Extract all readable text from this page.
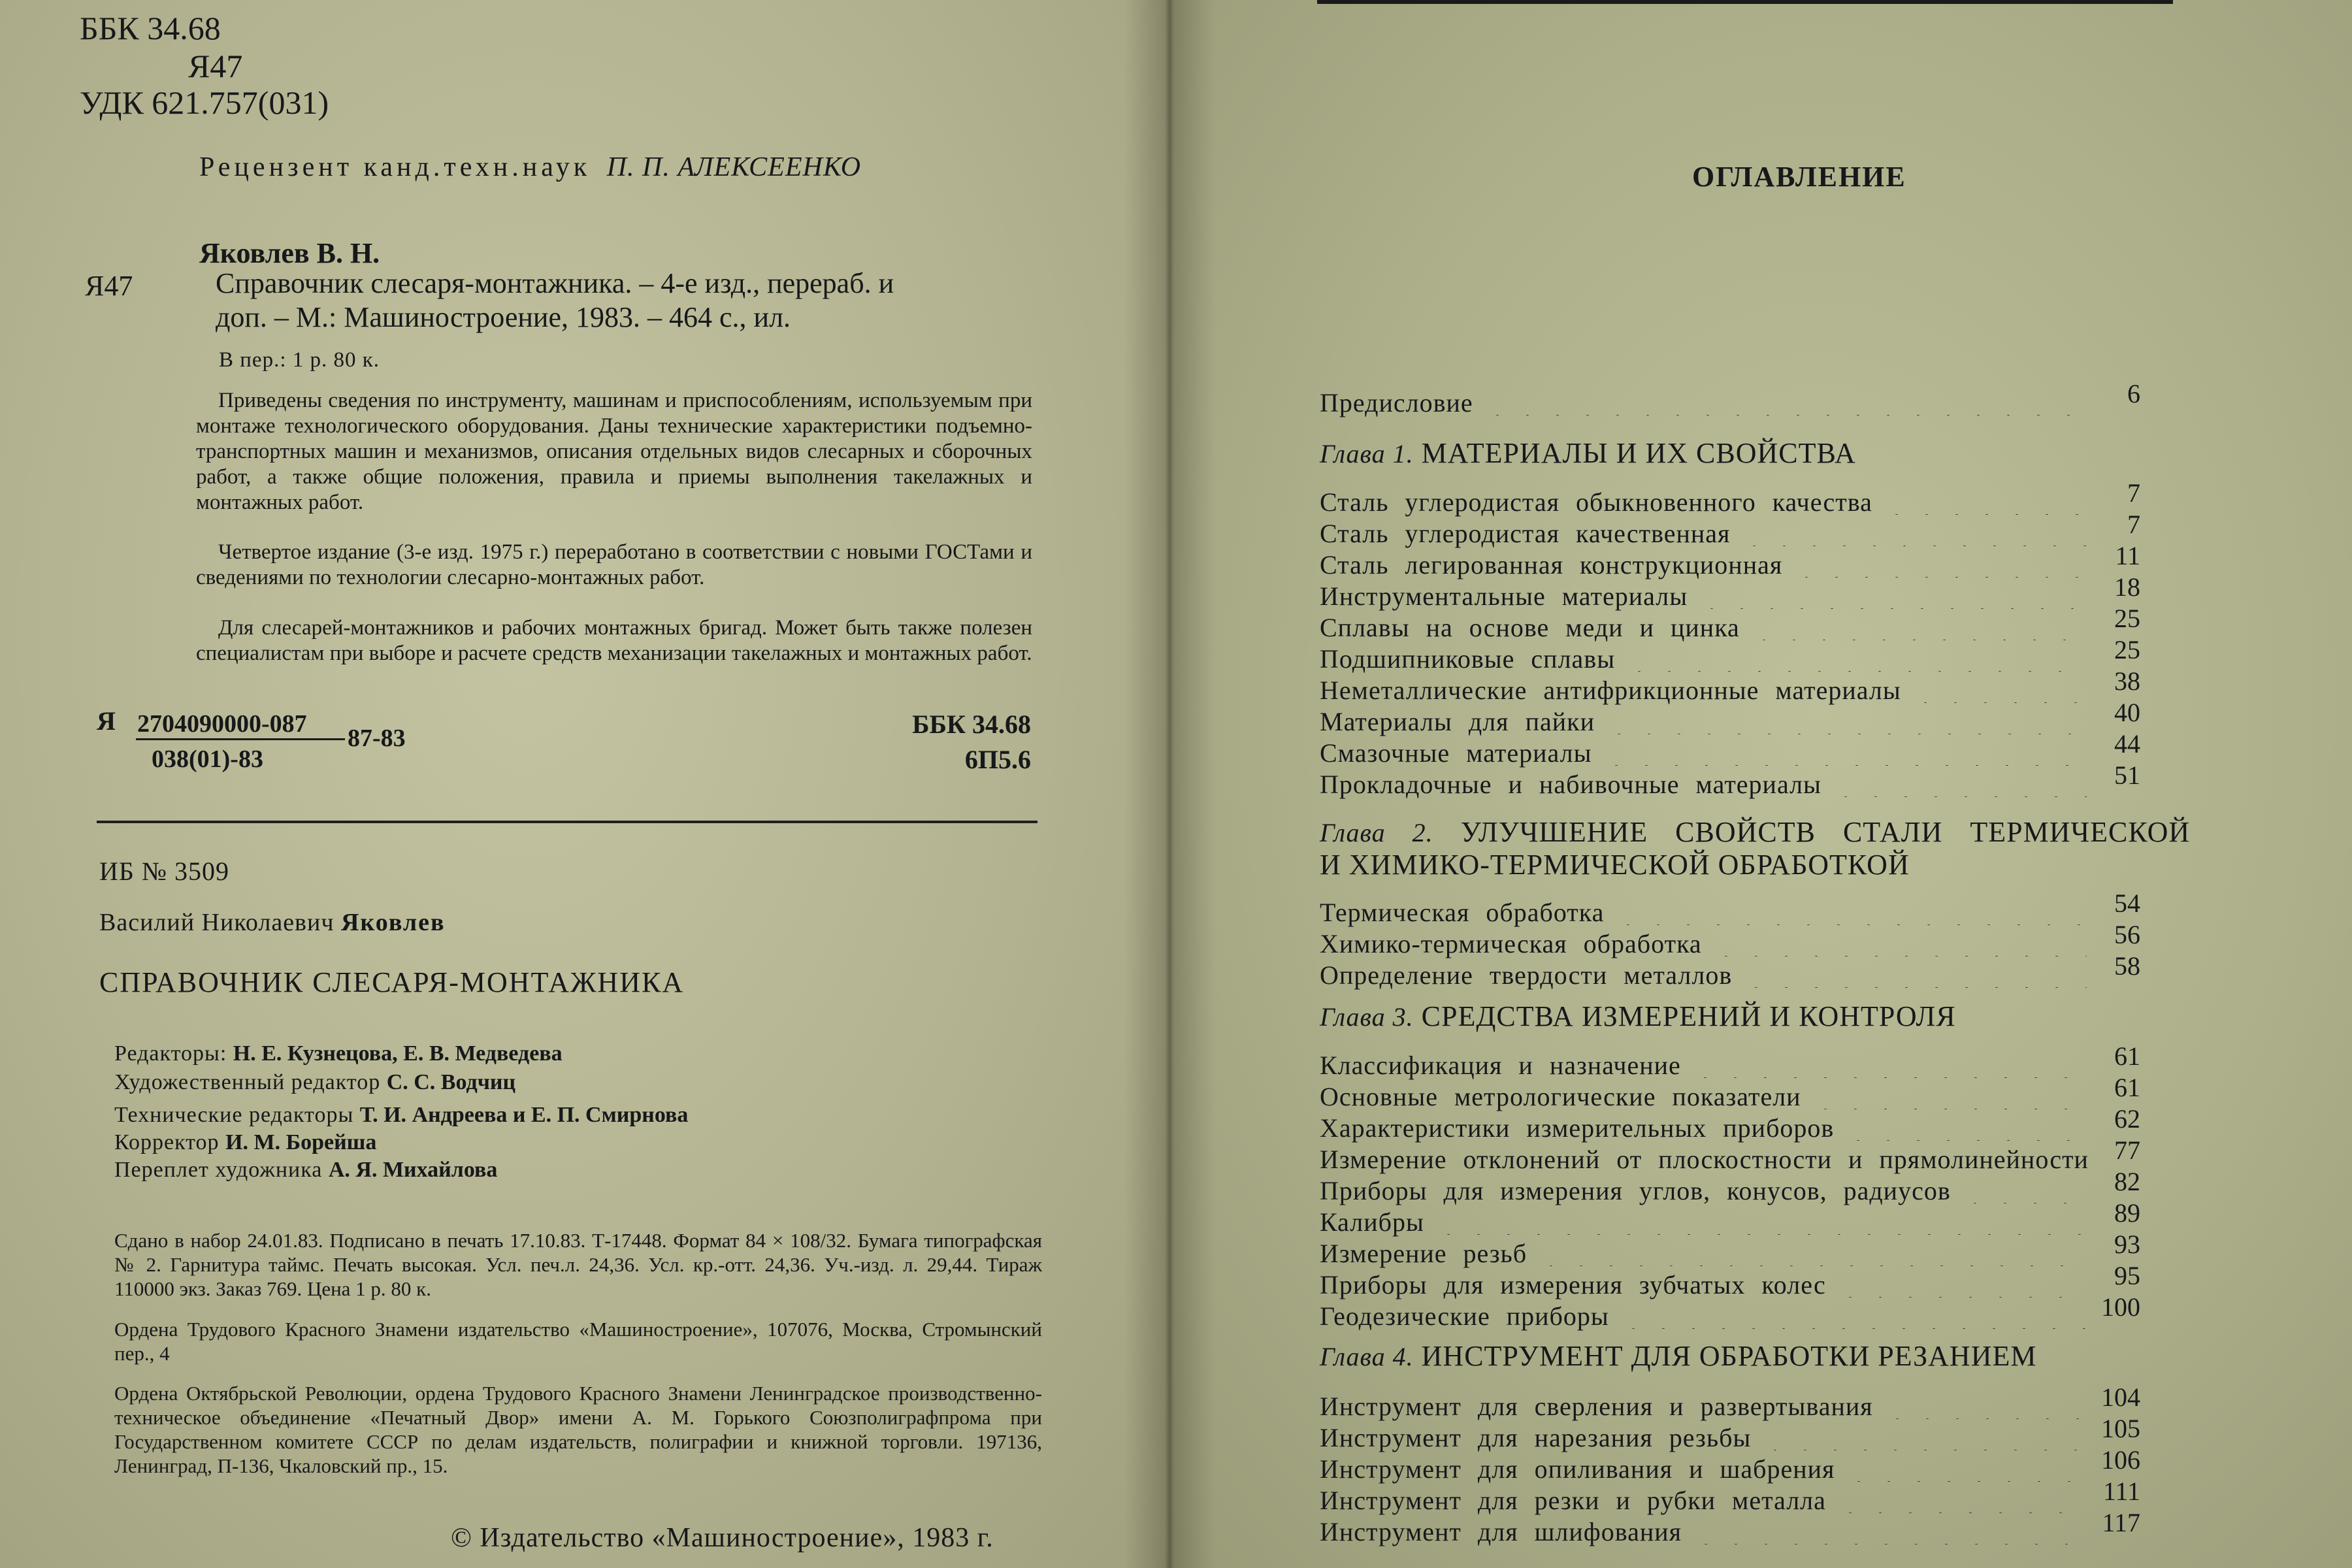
ББК 34.68
Я47
УДК 621.757(031)
Рецензент канд.техн.наук П. П. АЛЕКСЕЕНКО
Яковлев В. Н.
Я47	Справочник слесаря-монтажника. – 4-е изд., перераб. и
доп. – М.: Машиностроение, 1983. – 464 с., ил.
В пер.: 1 р. 80 к.
Приведены сведения по инструменту, машинам и приспособлениям, используемым при монтаже технологического оборудования. Даны технические характеристики подъемно-транспортных машин и механизмов, описания отдельных видов слесарных и сборочных работ, а также общие положения, правила и приемы выполнения такелажных и монтажных работ.
Четвертое издание (3-е изд. 1975 г.) переработано в соответствии с новыми ГОСТами и сведениями по технологии слесарно-монтажных работ.
Для слесарей-монтажников и рабочих монтажных бригад. Может быть также полезен специалистам при выборе и расчете средств механизации такелажных и монтажных работ.
Я 2704090000-087
038(01)-83
87-83	ББК 34.68
6П5.6
ИБ № 3509
Василий Николаевич Яковлев
СПРАВОЧНИК СЛЕСАРЯ-МОНТАЖНИКА
Редакторы: Н. Е. Кузнецова, Е. В. Медведева
Художественный редактор С. С. Водчиц
Технические редакторы Т. И. Андреева и Е. П. Смирнова
Корректор И. М. Борейша
Переплет художника А. Я. Михайлова
Сдано в набор 24.01.83. Подписано в печать 17.10.83. Т-17448. Формат 84 × 108/32. Бумага типографская № 2. Гарнитура таймс. Печать высокая. Усл. печ.л. 24,36. Усл. кр.-отт. 24,36. Уч.-изд. л. 29,44. Тираж 110000 экз. Заказ 769. Цена 1 р. 80 к.
Ордена Трудового Красного Знамени издательство «Машиностроение», 107076, Москва, Стромынский пер., 4
Ордена Октябрьской Революции, ордена Трудового Красного Знамени Ленинградское производственно-техническое объединение «Печатный Двор» имени А. М. Горького Союзполиграфпрома при Государственном комитете СССР по делам издательств, полиграфии и книжной торговли. 197136, Ленинград, П-136, Чкаловский пр., 15.
© Издательство «Машиностроение», 1983 г.
ОГЛАВЛЕНИЕ
Предисловие	6
Глава 1. МАТЕРИАЛЫ И ИХ СВОЙСТВА
Сталь углеродистая обыкновенного качества	7
Сталь углеродистая качественная	7
Сталь легированная конструкционная	11
Инструментальные материалы	18
Сплавы на основе меди и цинка	25
Подшипниковые сплавы	25
Неметаллические антифрикционные материалы	38
Материалы для пайки	40
Смазочные материалы	44
Прокладочные и набивочные материалы	51
Глава 2. УЛУЧШЕНИЕ СВОЙСТВ СТАЛИ ТЕРМИЧЕСКОЙ
И ХИМИКО-ТЕРМИЧЕСКОЙ ОБРАБОТКОЙ
Термическая обработка	54
Химико-термическая обработка	56
Определение твердости металлов	58
Глава 3. СРЕДСТВА ИЗМЕРЕНИЙ И КОНТРОЛЯ
Классификация и назначение	61
Основные метрологические показатели	61
Характеристики измерительных приборов	62
Измерение отклонений от плоскостности и прямолинейности 77
Приборы для измерения углов, конусов, радиусов	82
Калибры	89
Измерение резьб	93
Приборы для измерения зубчатых колес	95
Геодезические приборы	100
Глава 4. ИНСТРУМЕНТ ДЛЯ ОБРАБОТКИ РЕЗАНИЕМ
Инструмент для сверления и развертывания	104
Инструмент для нарезания резьбы	105
Инструмент для опиливания и шабрения	106
Инструмент для резки и рубки металла	111
Инструмент для шлифования	117
